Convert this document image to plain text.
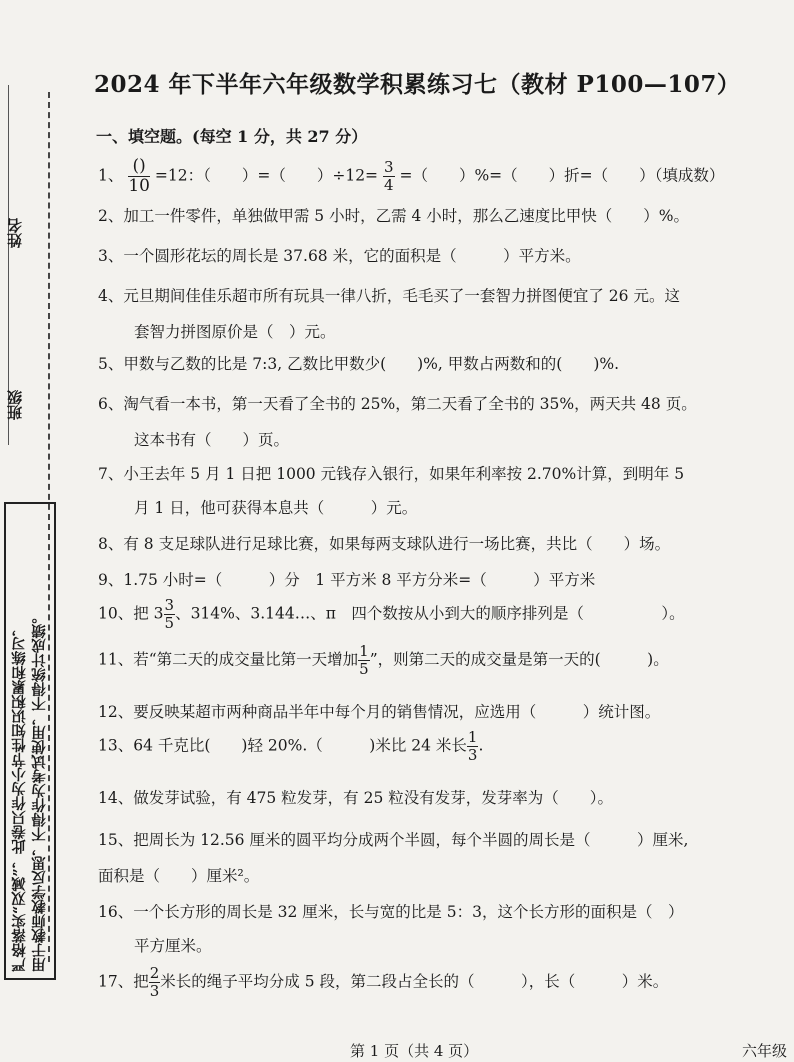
姓名
班级
严格落实“双减”，此卷只作为小节性知识积累和练习， 用于教师教学反思，不得作为考试使用，不得统计成绩。
2024 年下半年六年级数学积累练习七（教材 P100—107）
一、填空题。(每空 1 分，共 27 分）
1、 $\frac{()}{10} =12$：（　　）=（　　）$\div 12= \frac{3}{4}$ =（　　）%=（　　）折=（　　）（填成数）
2、加工一件零件，单独做甲需 5 小时，乙需 4 小时，那么乙速度比甲快（　　）%。
3、一个圆形花坛的周长是 37.68 米，它的面积是（　　　）平方米。
4、元旦期间佳佳乐超市所有玩具一律八折，毛毛买了一套智力拼图便宜了 26 元。这
套智力拼图原价是（　）元。
5、甲数与乙数的比是 7:3, 乙数比甲数少(　　)%, 甲数占两数和的(　　)%.
6、淘气看一本书，第一天看了全书的 25%，第二天看了全书的 35%，两天共 48 页。
这本书有（　　）页。
7、小王去年 5 月 1 日把 1000 元钱存入银行，如果年利率按 2.70%计算，到明年 5
月 1 日，他可获得本息共（　　　）元。
8、有 8 支足球队进行足球比赛，如果每两支球队进行一场比赛，共比（　　）场。
9、1.75 小时=（　　　）分　1 平方米 8 平方分米=（　　　）平方米
10、把 $3 \frac{3}{5}$ 、314%、3.144…、π　四个数按从小到大的顺序排列是（　　　　　）。
11、若“第二天的成交量比第一天增加 $\frac{1}{5}$ ”，则第二天的成交量是第一天的(　　　)。
12、要反映某超市两种商品半年中每个月的销售情况，应选用（　　　）统计图。
13、64 千克比(　　)轻 20%.（　　　)米比 24 米长 $\frac{1}{3}$ .
14、做发芽试验，有 475 粒发芽，有 25 粒没有发芽，发芽率为（　　）。
15、把周长为 12.56 厘米的圆平均分成两个半圆，每个半圆的周长是（　　　）厘米,
面积是（　　）厘米²。
16、一个长方形的周长是 32 厘米，长与宽的比是 5：3，这个长方形的面积是（　）
平方厘米。
17、把 $\frac{2}{3}$ 米长的绳子平均分成 5 段，第二段占全长的（　　　），长（　　　）米。
第 1 页（共 4 页）	六年级
